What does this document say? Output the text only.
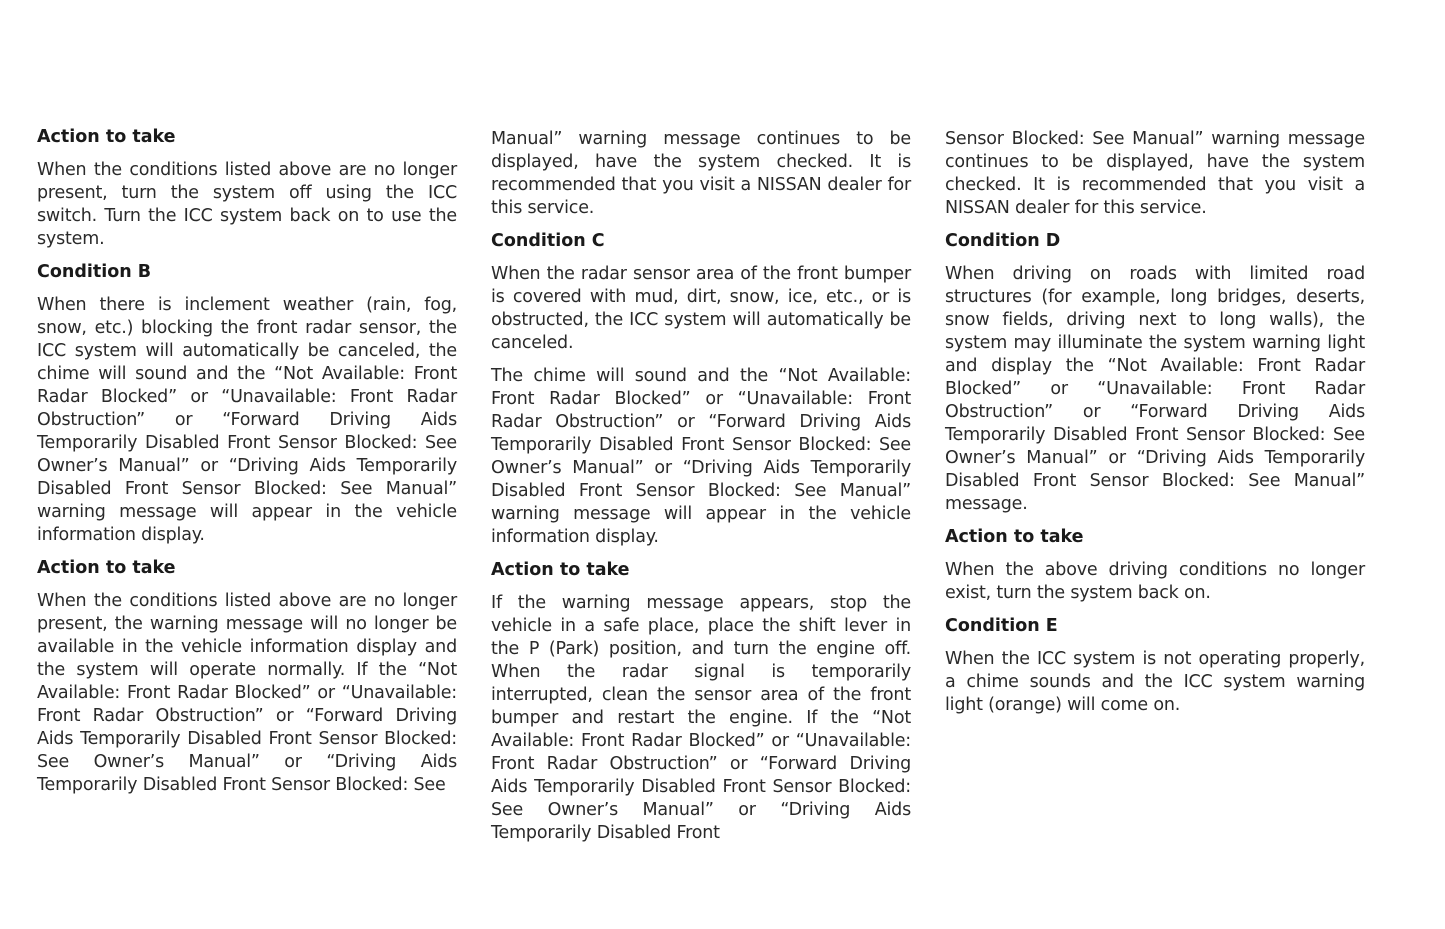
Action to take
When the conditions listed above are no longer present, turn the system off using the ICC switch. Turn the ICC system back on to use the system.
Condition B
When there is inclement weather (rain, fog, snow, etc.) blocking the front radar sensor, the ICC system will automatically be canceled, the chime will sound and the “Not Available: Front Radar Blocked” or “Unavailable: Front Radar Obstruction” or “Forward Driving Aids Temporarily Disabled Front Sensor Blocked: See Owner’s Manual” or “Driving Aids Temporarily Disabled Front Sensor Blocked: See Manual” warning message will appear in the vehicle information display.
Action to take
When the conditions listed above are no longer present, the warning message will no longer be available in the vehicle information display and the system will operate normally. If the “Not Available: Front Radar Blocked” or “Unavailable: Front Radar Obstruction” or “Forward Driving Aids Temporarily Disabled Front Sensor Blocked: See Owner’s Manual” or “Driving Aids Temporarily Disabled Front Sensor Blocked: See
Manual” warning message continues to be displayed, have the system checked. It is recommended that you visit a NISSAN dealer for this service.
Condition C
When the radar sensor area of the front bumper is covered with mud, dirt, snow, ice, etc., or is obstructed, the ICC system will automatically be canceled.
The chime will sound and the “Not Available: Front Radar Blocked” or “Unavailable: Front Radar Obstruction” or “Forward Driving Aids Temporarily Disabled Front Sensor Blocked: See Owner’s Manual” or “Driving Aids Temporarily Disabled Front Sensor Blocked: See Manual” warning message will appear in the vehicle information display.
Action to take
If the warning message appears, stop the vehicle in a safe place, place the shift lever in the P (Park) position, and turn the engine off. When the radar signal is temporarily interrupted, clean the sensor area of the front bumper and restart the engine. If the “Not Available: Front Radar Blocked” or “Unavailable: Front Radar Obstruction” or “Forward Driving Aids Temporarily Disabled Front Sensor Blocked: See Owner’s Manual” or “Driving Aids Temporarily Disabled Front
Sensor Blocked: See Manual” warning message continues to be displayed, have the system checked. It is recommended that you visit a NISSAN dealer for this service.
Condition D
When driving on roads with limited road structures (for example, long bridges, deserts, snow fields, driving next to long walls), the system may illuminate the system warning light and display the “Not Available: Front Radar Blocked” or “Unavailable: Front Radar Obstruction” or “Forward Driving Aids Temporarily Disabled Front Sensor Blocked: See Owner’s Manual” or “Driving Aids Temporarily Disabled Front Sensor Blocked: See Manual” message.
Action to take
When the above driving conditions no longer exist, turn the system back on.
Condition E
When the ICC system is not operating properly, a chime sounds and the ICC system warning light (orange) will come on.
